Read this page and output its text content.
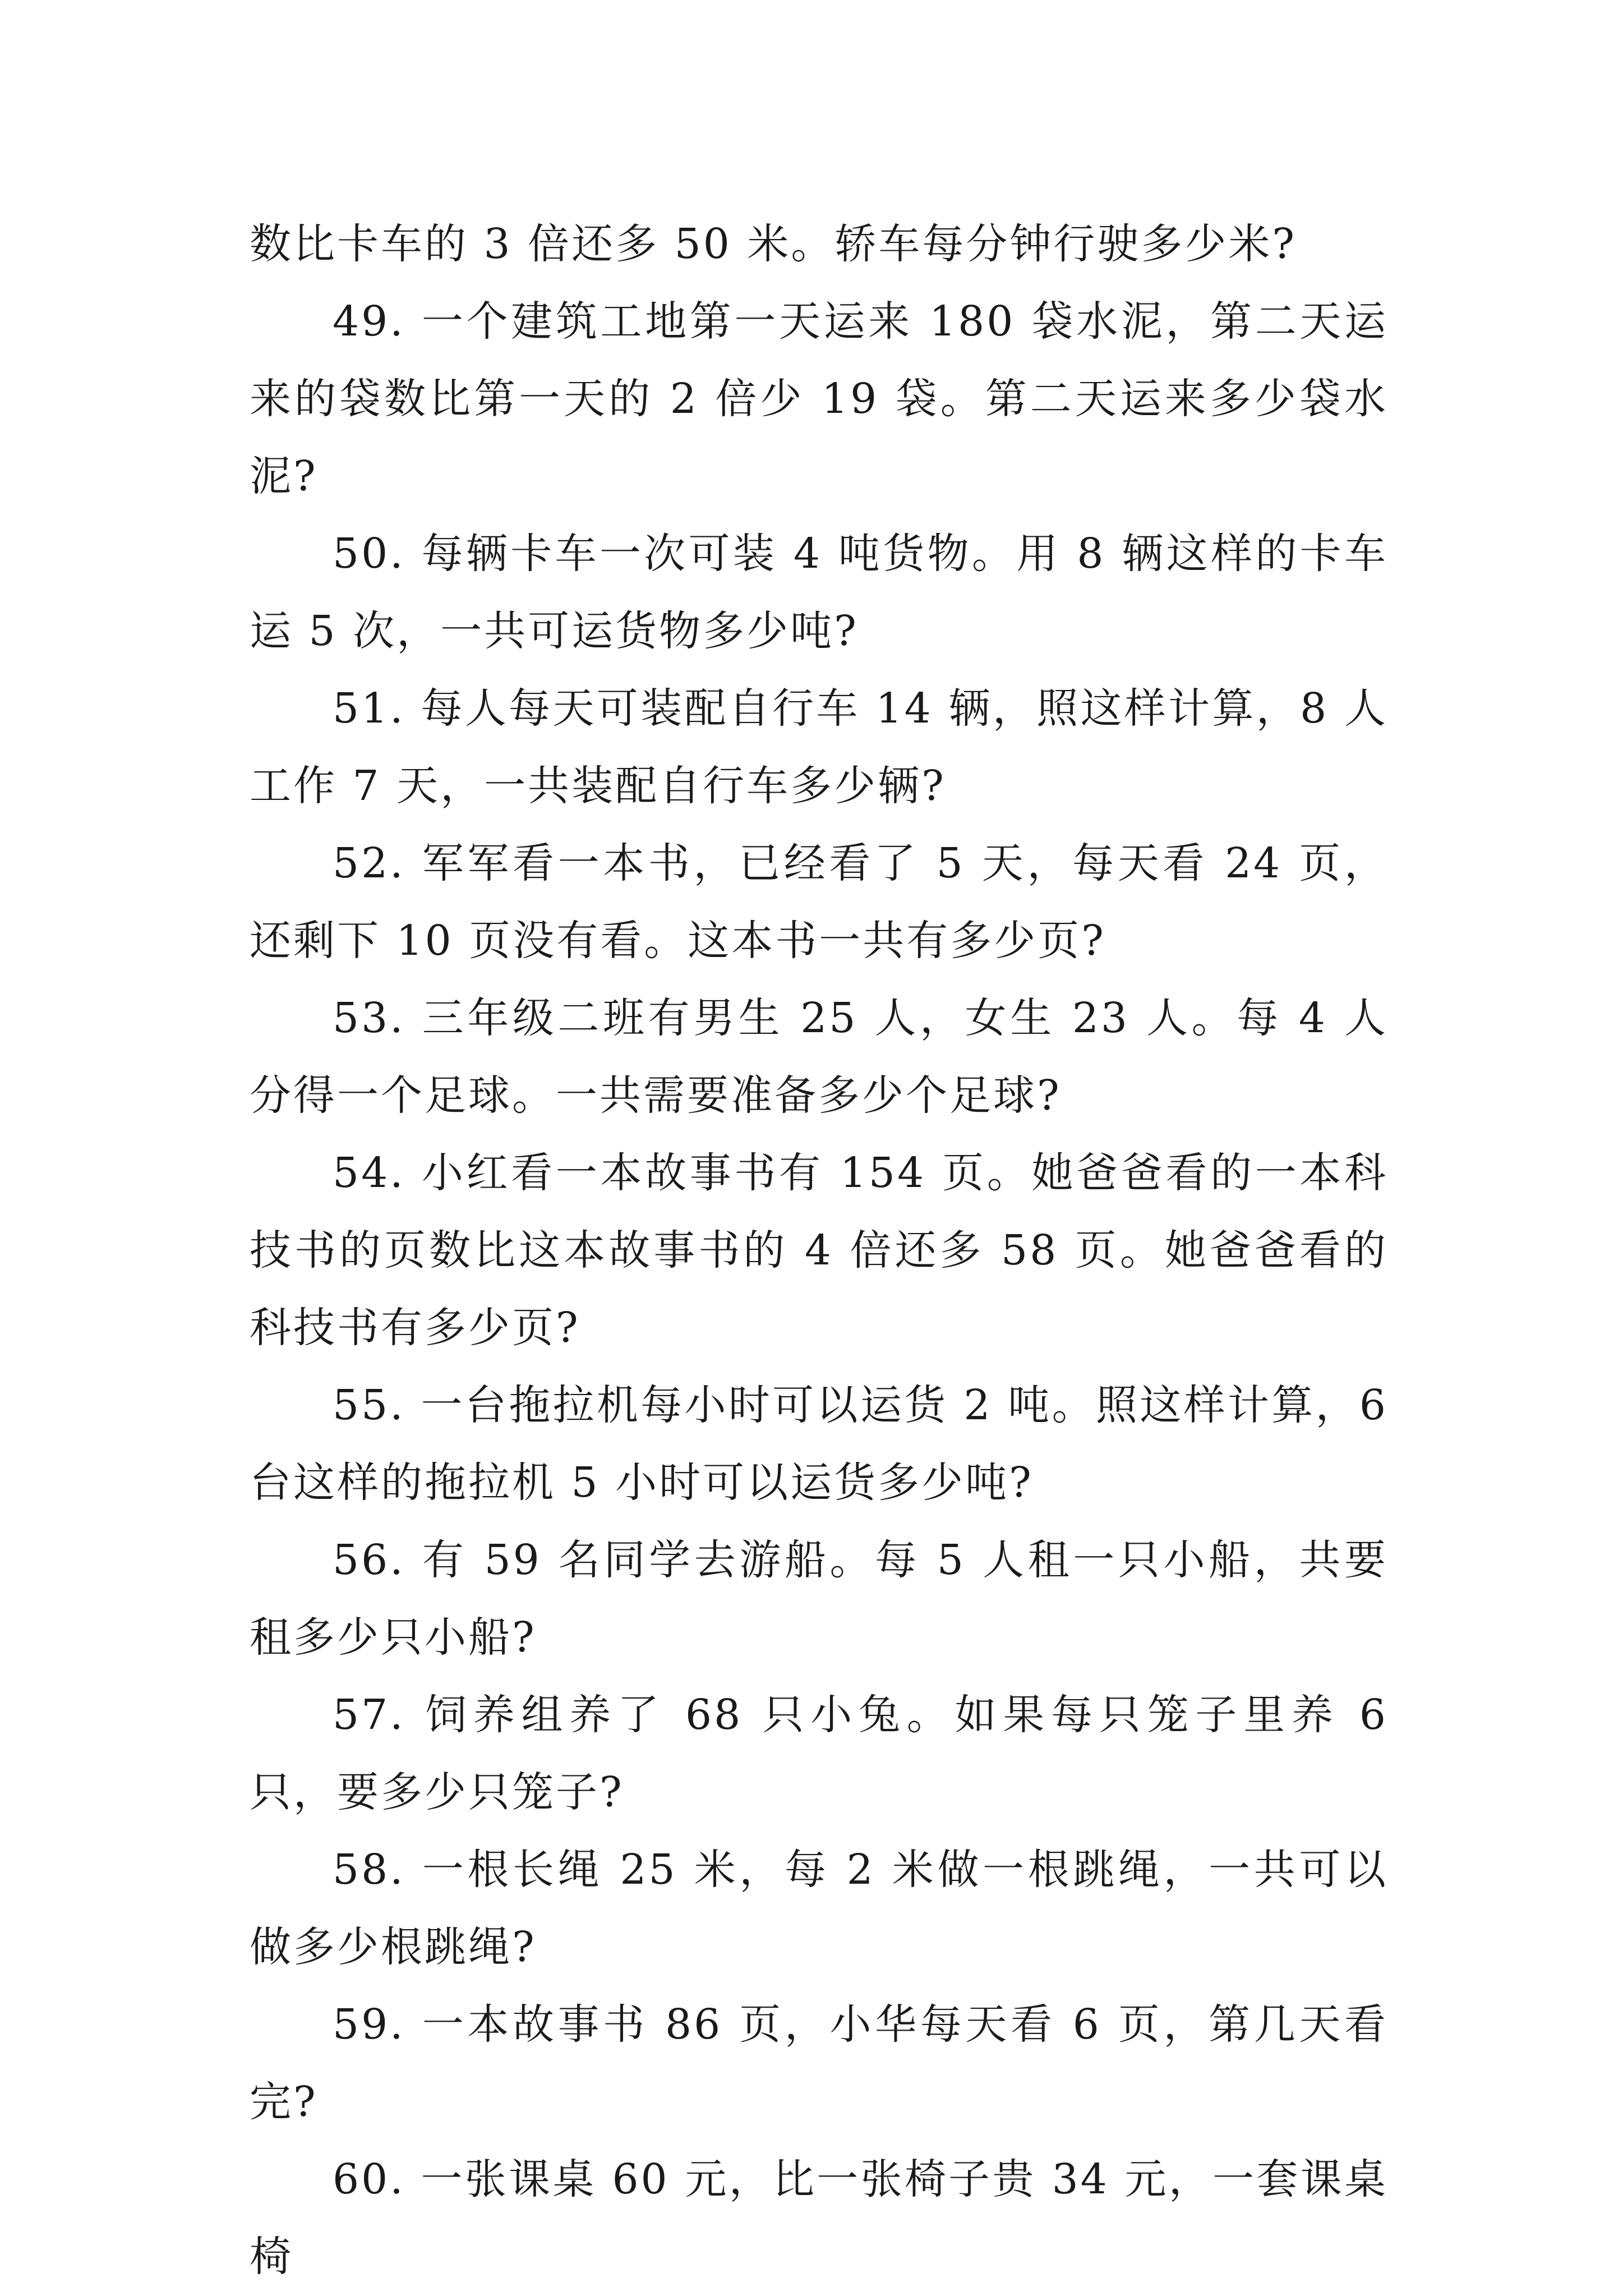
数比卡车的 3 倍还多 50 米。轿车每分钟行驶多少米?

49. 一个建筑工地第一天运来 180 袋水泥，第二天运来的袋数比第一天的 2 倍少 19 袋。第二天运来多少袋水泥?

50. 每辆卡车一次可装 4 吨货物。用 8 辆这样的卡车运 5 次，一共可运货物多少吨?

51. 每人每天可装配自行车 14 辆，照这样计算，8 人工作 7 天，一共装配自行车多少辆?

52. 军军看一本书，已经看了 5 天，每天看 24 页，还剩下 10 页没有看。这本书一共有多少页?

53. 三年级二班有男生 25 人，女生 23 人。每 4 人分得一个足球。一共需要准备多少个足球?

54. 小红看一本故事书有 154 页。她爸爸看的一本科技书的页数比这本故事书的 4 倍还多 58 页。她爸爸看的科技书有多少页?

55. 一台拖拉机每小时可以运货 2 吨。照这样计算，6 台这样的拖拉机 5 小时可以运货多少吨?

56. 有 59 名同学去游船。每 5 人租一只小船，共要租多少只小船?

57. 饲养组养了 68 只小兔。如果每只笼子里养 6 只，要多少只笼子?

58. 一根长绳 25 米，每 2 米做一根跳绳，一共可以做多少根跳绳?

59. 一本故事书 86 页，小华每天看 6 页，第几天看完?

60. 一张课桌 60 元，比一张椅子贵 34 元，一套课桌椅
